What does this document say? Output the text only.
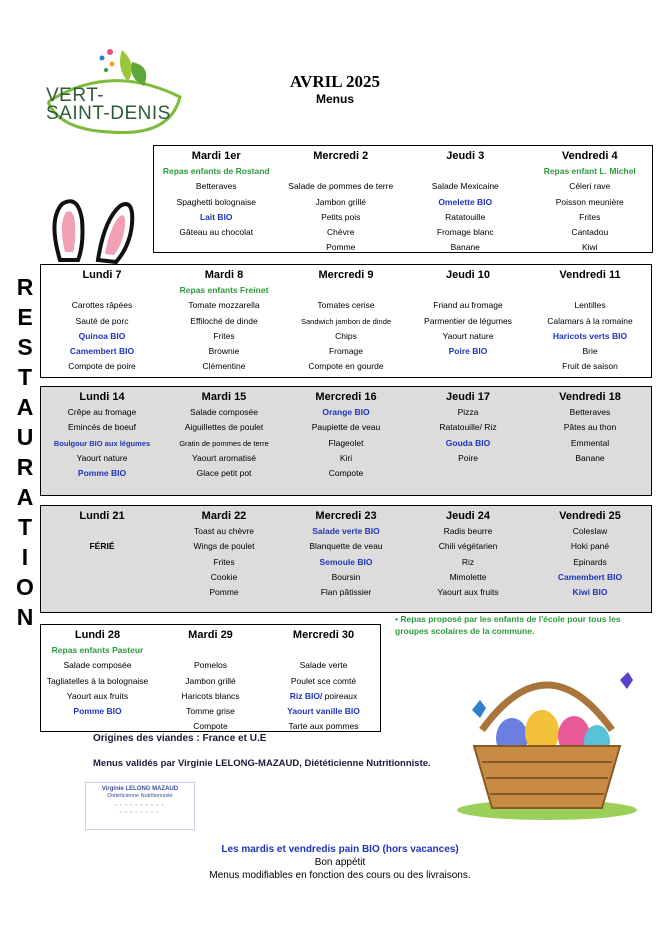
VERT-
SAINT-DENIS
AVRIL 2025
Menus
R
E
S
T
A
U
R
A
T
I
O
N
Mardi 1er
Repas enfants de Rostand
Betteraves
Spaghetti bolognaise
Lait BIO
Gâteau au chocolat
Mercredi 2

Salade de pommes de terre
Jambon grillé
Petits pois
Chèvre
Pomme
Jeudi 3

Salade Mexicaine
Omelette BIO
Ratatouille
Fromage blanc
Banane
Vendredi 4
Repas enfant L. Michel
Céleri rave
Poisson meunière
Frites
Cantadou
Kiwi
Lundi 7

Carottes râpées
Sauté de porc
Quinoa BIO
Camembert BIO
Compote de poire
Mardi 8
Repas enfants Freinet
Tomate mozzarella
Effiloché de dinde
Frites
Brownie
Clémentine
Mercredi 9

Tomates cerise
Sandwich jambon de dinde
Chips
Fromage
Compote en gourde
Jeudi 10

Friand au fromage
Parmentier de légumes
Yaourt nature
Poire BIO
Vendredi 11

Lentilles
Calamars à la romaine
Haricots verts BIO
Brie
Fruit de saison
Lundi 14
Crêpe au fromage
Emincés de boeuf
Boulgour BIO aux légumes
Yaourt nature
Pomme BIO
Mardi 15
Salade composée
Aiguillettes de poulet
Gratin de pommes de terre
Yaourt aromatisé
Glace petit pot
Mercredi 16
Orange BIO
Paupiette de veau
Flageolet
Kiri
Compote
Jeudi 17
Pizza
Ratatouille/ Riz
Gouda BIO
Poire
Vendredi 18
Betteraves
Pâtes au thon
Emmental
Banane
Lundi 21

FÉRIÉ
Mardi 22
Toast au chèvre
Wings de poulet
Frites
Cookie
Pomme
Mercredi 23
Salade verte BIO
Blanquette de veau
Semoule BIO
Boursin
Flan pâtissier
Jeudi 24
Radis beurre
Chili végétarien
Riz
Mimolette
Yaourt aux fruits
Vendredi 25
Coleslaw
Hoki pané
Epinards
Camembert BIO
Kiwi BIO
Lundi 28
Repas enfants Pasteur
Salade composée
Tagliatelles à la bolognaise
Yaourt aux fruits
Pomme BIO
Mardi 29

Pomelos
Jambon grillé
Haricots blancs
Tomme grise
Compote
Mercredi 30

Salade verte
Poulet sce comté
Riz BIO/ poireaux
Yaourt vanille BIO
Tarte aux pommes
• Repas proposé par les enfants de l'école pour tous les groupes scolaires de la commune.
Origines des viandes : France et U.E
Menus validés par Virginie LELONG-MAZAUD, Diététicienne Nutritionniste.
Virginie LELONG MAZAUD
Diététicienne Nutritionniste
~~~~~~~~~~
~~~~~~~~
Les mardis et vendredis pain BIO (hors vacances)
Bon appétit
Menus modifiables en fonction des cours ou des livraisons.
